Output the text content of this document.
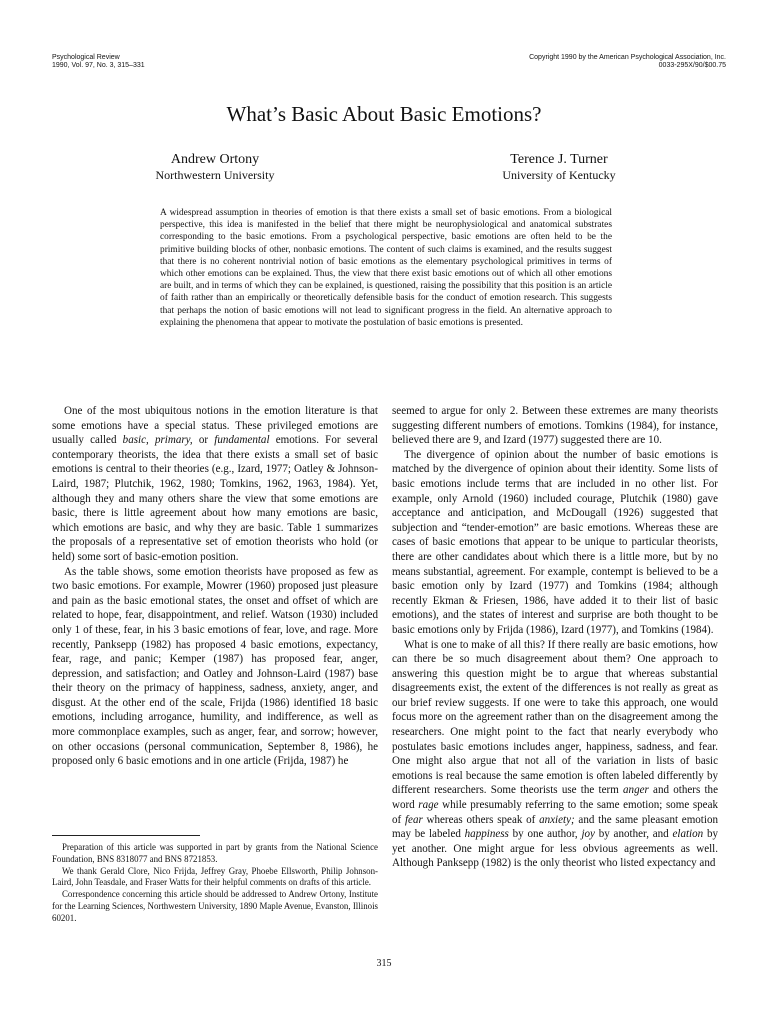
Psychological Review
1990, Vol. 97, No. 3, 315–331
Copyright 1990 by the American Psychological Association, Inc.
0033-295X/90/$00.75
What’s Basic About Basic Emotions?
Andrew Ortony
Northwestern University
Terence J. Turner
University of Kentucky
A widespread assumption in theories of emotion is that there exists a small set of basic emotions. From a biological perspective, this idea is manifested in the belief that there might be neurophysiological and anatomical substrates corresponding to the basic emotions. From a psychological perspective, basic emotions are often held to be the primitive building blocks of other, nonbasic emotions. The content of such claims is examined, and the results suggest that there is no coherent nontrivial notion of basic emotions as the elementary psychological primitives in terms of which other emotions can be explained. Thus, the view that there exist basic emotions out of which all other emotions are built, and in terms of which they can be explained, is questioned, raising the possibility that this position is an article of faith rather than an empirically or theoretically defensible basis for the conduct of emotion research. This suggests that perhaps the notion of basic emotions will not lead to significant progress in the field. An alternative approach to explaining the phenomena that appear to motivate the postulation of basic emotions is presented.

One of the most ubiquitous notions in the emotion literature is that some emotions have a special status. These privileged emotions are usually called basic, primary, or fundamental emotions. For several contemporary theorists, the idea that there exists a small set of basic emotions is central to their theories (e.g., Izard, 1977; Oatley & Johnson-Laird, 1987; Plutchik, 1962, 1980; Tomkins, 1962, 1963, 1984). Yet, although they and many others share the view that some emotions are basic, there is little agreement about how many emotions are basic, which emotions are basic, and why they are basic. Table 1 summarizes the proposals of a representative set of emotion theorists who hold (or held) some sort of basic-emotion position.

As the table shows, some emotion theorists have proposed as few as two basic emotions. For example, Mowrer (1960) proposed just pleasure and pain as the basic emotional states, the onset and offset of which are related to hope, fear, disappointment, and relief. Watson (1930) included only 1 of these, fear, in his 3 basic emotions of fear, love, and rage. More recently, Panksepp (1982) has proposed 4 basic emotions, expectancy, fear, rage, and panic; Kemper (1987) has proposed fear, anger, depression, and satisfaction; and Oatley and Johnson-Laird (1987) base their theory on the primacy of happiness, sadness, anxiety, anger, and disgust. At the other end of the scale, Frijda (1986) identified 18 basic emotions, including arrogance, humility, and indifference, as well as more commonplace examples, such as anger, fear, and sorrow; however, on other occasions (personal communication, September 8, 1986), he proposed only 6 basic emotions and in one article (Frijda, 1987) he

seemed to argue for only 2. Between these extremes are many theorists suggesting different numbers of emotions. Tomkins (1984), for instance, believed there are 9, and Izard (1977) suggested there are 10.

The divergence of opinion about the number of basic emotions is matched by the divergence of opinion about their identity. Some lists of basic emotions include terms that are included in no other list. For example, only Arnold (1960) included courage, Plutchik (1980) gave acceptance and anticipation, and McDougall (1926) suggested that subjection and “tender-emotion” are basic emotions. Whereas these are cases of basic emotions that appear to be unique to particular theorists, there are other candidates about which there is a little more, but by no means substantial, agreement. For example, contempt is believed to be a basic emotion only by Izard (1977) and Tomkins (1984; although recently Ekman & Friesen, 1986, have added it to their list of basic emotions), and the states of interest and surprise are both thought to be basic emotions only by Frijda (1986), Izard (1977), and Tomkins (1984).

What is one to make of all this? If there really are basic emotions, how can there be so much disagreement about them? One approach to answering this question might be to argue that whereas substantial disagreements exist, the extent of the differences is not really as great as our brief review suggests. If one were to take this approach, one would focus more on the agreement rather than on the disagreement among the researchers. One might point to the fact that nearly everybody who postulates basic emotions includes anger, happiness, sadness, and fear. One might also argue that not all of the variation in lists of basic emotions is real because the same emotion is often labeled differently by different researchers. Some theorists use the term anger and others the word rage while presumably referring to the same emotion; some speak of fear whereas others speak of anxiety; and the same pleasant emotion may be labeled happiness by one author, joy by another, and elation by yet another. One might argue for less obvious agreements as well. Although Panksepp (1982) is the only theorist who listed expectancy and

Preparation of this article was supported in part by grants from the National Science Foundation, BNS 8318077 and BNS 8721853.

We thank Gerald Clore, Nico Frijda, Jeffrey Gray, Phoebe Ellsworth, Philip Johnson-Laird, John Teasdale, and Fraser Watts for their helpful comments on drafts of this article.

Correspondence concerning this article should be addressed to Andrew Ortony, Institute for the Learning Sciences, Northwestern University, 1890 Maple Avenue, Evanston, Illinois 60201.

315
